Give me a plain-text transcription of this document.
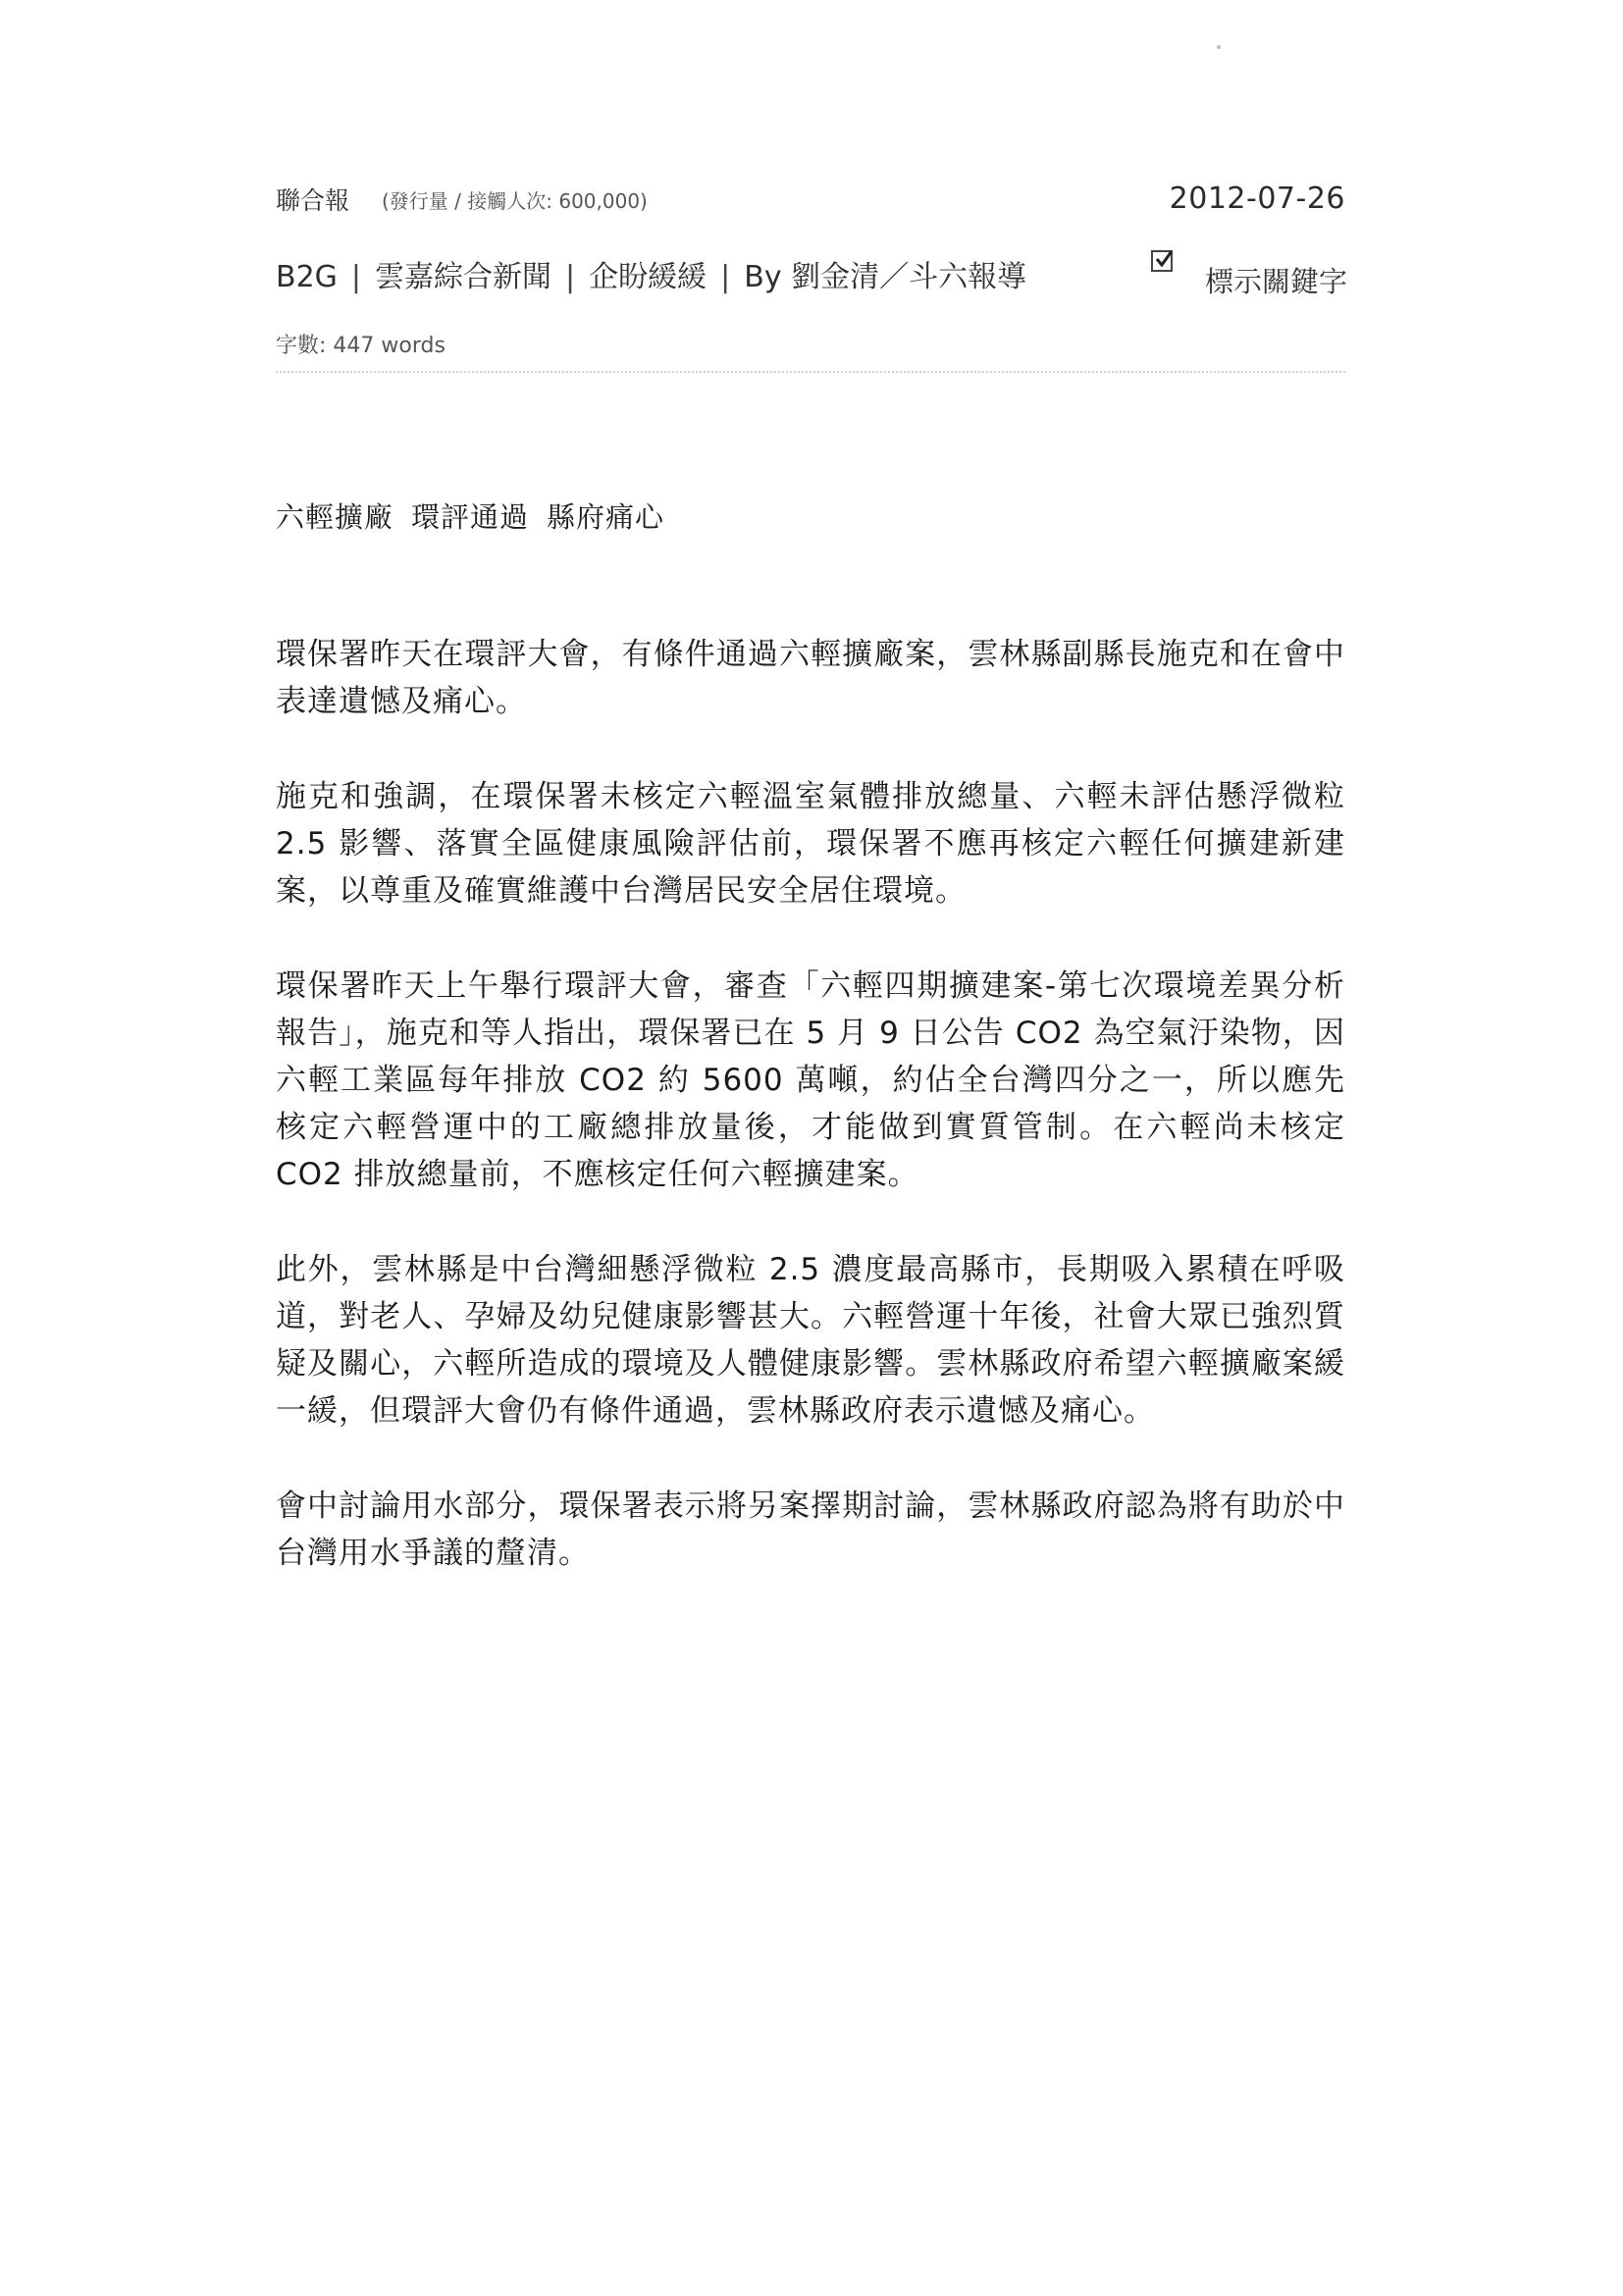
聯合報 (發行量 / 接觸人次: 600,000)	2012-07-26
B2G | 雲嘉綜合新聞 | 企盼緩緩 | By 劉金清／斗六報導	標示關鍵字
字數: 447 words
六輕擴廠 環評通過 縣府痛心

環保署昨天在環評大會，有條件通過六輕擴廠案，雲林縣副縣長施克和在會中表達遺憾及痛心。

施克和強調，在環保署未核定六輕溫室氣體排放總量、六輕未評估懸浮微粒 2.5 影響、落實全區健康風險評估前，環保署不應再核定六輕任何擴建新建案，以尊重及確實維護中台灣居民安全居住環境。

環保署昨天上午舉行環評大會，審查「六輕四期擴建案-第七次環境差異分析報告」，施克和等人指出，環保署已在 5 月 9 日公告 CO2 為空氣汙染物，因六輕工業區每年排放 CO2 約 5600 萬噸，約佔全台灣四分之一，所以應先核定六輕營運中的工廠總排放量後，才能做到實質管制。在六輕尚未核定 CO2 排放總量前，不應核定任何六輕擴建案。

此外，雲林縣是中台灣細懸浮微粒 2.5 濃度最高縣市，長期吸入累積在呼吸道，對老人、孕婦及幼兒健康影響甚大。六輕營運十年後，社會大眾已強烈質疑及關心，六輕所造成的環境及人體健康影響。雲林縣政府希望六輕擴廠案緩一緩，但環評大會仍有條件通過，雲林縣政府表示遺憾及痛心。

會中討論用水部分，環保署表示將另案擇期討論，雲林縣政府認為將有助於中台灣用水爭議的釐清。
